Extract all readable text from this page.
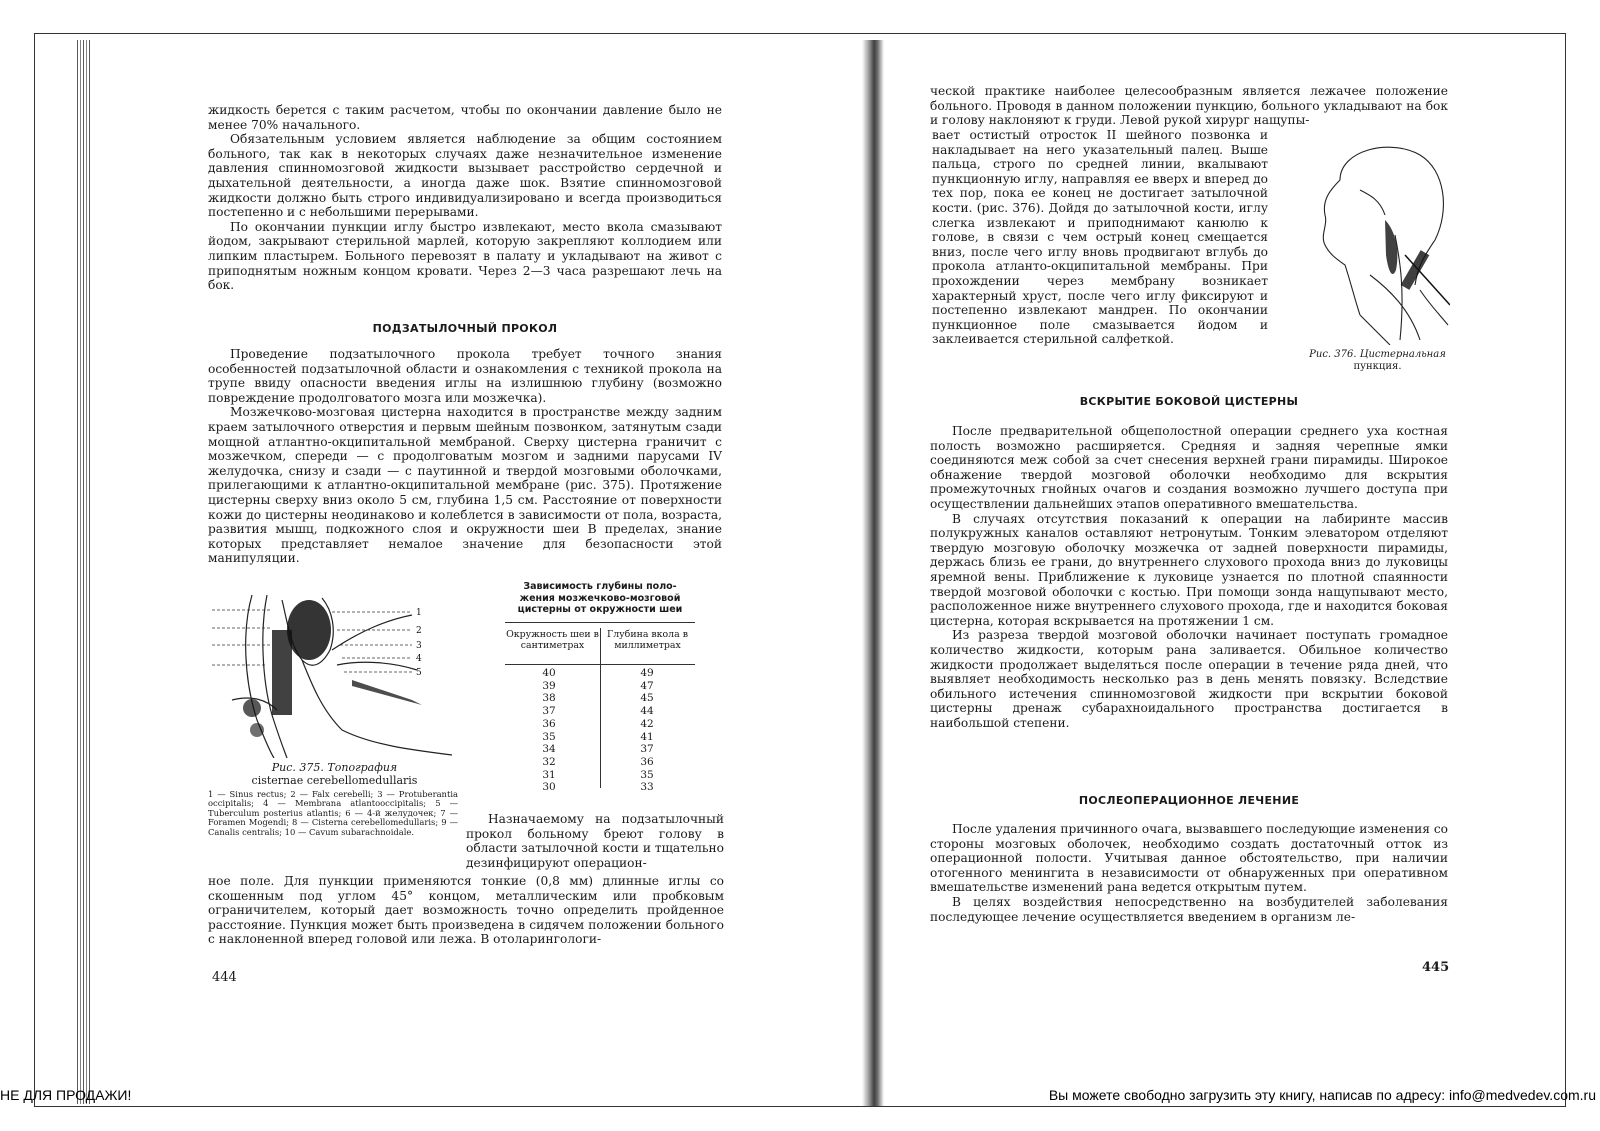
жидкость берется с таким расчетом, чтобы по окончании давление было не менее 70% начального.

Обязательным условием является наблюдение за общим состоянием больного, так как в некоторых случаях даже незначительное изменение давления спинномозговой жидкости вызывает расстройство сердечной и дыхательной деятельности, а иногда даже шок. Взятие спинномозговой жидкости должно быть строго индивидуализировано и всегда производиться постепенно и с небольшими перерывами.

По окончании пункции иглу быстро извлекают, место вкола смазывают йодом, закрывают стерильной марлей, которую закрепляют коллодием или липким пластырем. Больного перевозят в палату и укладывают на живот с приподнятым ножным концом кровати. Через 2—3 часа разрешают лечь на бок.

ПОДЗАТЫЛОЧНЫЙ ПРОКОЛ

Проведение подзатылочного прокола требует точного знания особенностей подзатылочной области и ознакомления с техникой прокола на трупе ввиду опасности введения иглы на излишнюю глубину (возможно повреждение продолговатого мозга или мозжечка).

Мозжечково-мозговая цистерна находится в пространстве между задним краем затылочного отверстия и первым шейным позвонком, затянутым сзади мощной атлантно-окципитальной мембраной. Сверху цистерна граничит с мозжечком, спереди — с продолговатым мозгом и задними парусами IV желудочка, снизу и сзади — с паутинной и твердой мозговыми оболочками, прилегающими к атлантно-окципитальной мембране (рис. 375). Протяжение цистерны сверху вниз около 5 см, глубина 1,5 см. Расстояние от поверхности кожи до цистерны неодинаково и колеблется в зависимости от пола, возраста, развития мышц, подкожного слоя и окружности шеи В пределах, знание которых представляет немалое значение для безопасности этой манипуляции.

1
2
3
4
5
Рис. 375. Топография
cisternae cerebellomedullaris
1 — Sinus rectus; 2 — Falx cerebelli; 3 — Protuberantia occipitalis; 4 — Membrana atlantooccipitalis; 5 — Tuberculum posterius atlantis; 6 — 4-й желудочек; 7 — Foramen Mogendi; 8 — Cisterna cerebellomedullaris; 9 — Canalis centralis; 10 — Cavum subarachnoidale.
Зависимость глубины поло-
жения мозжечково-мозговой
цистерны от окружности шеи
Окружность шеи в сантиметрах
Глубина вкола в миллиметрах
40
39
38
37
36
35
34
32
31
30
49
47
45
44
42
41
37
36
35
33

Назначаемому на подзатылочный прокол больному бреют голову в области затылочной кости и тщательно дезинфицируют операцион-

ное поле. Для пункции применяются тонкие (0,8 мм) длинные иглы со скошенным под углом 45° концом, металлическим или пробковым ограничителем, который дает возможность точно определить пройденное расстояние. Пункция может быть произведена в сидячем положении больного с наклоненной вперед головой или лежа. В отоларингологи-

444

ческой практике наиболее целесообразным является лежачее положение больного. Проводя в данном положении пункцию, больного укладывают на бок и голову наклоняют к груди. Левой рукой хирург нащупы-

вает остистый отросток II шейного позвонка и накладывает на него указательный палец. Выше пальца, строго по средней линии, вкалывают пункционную иглу, направляя ее вверх и вперед до тех пор, пока ее конец не достигает затылочной кости. (рис. 376). Дойдя до затылочной кости, иглу слегка извлекают и приподнимают канюлю к голове, в связи с чем острый конец смещается вниз, после чего иглу вновь продвигают вглубь до прокола атланто-окципитальной мембраны. При прохождении через мембрану возникает характерный хруст, после чего иглу фиксируют и постепенно извлекают мандрен. По окончании пункционное поле смазывается йодом и заклеивается стерильной салфеткой.

Рис. 376. Цистернальная
пункция.

ВСКРЫТИЕ БОКОВОЙ ЦИСТЕРНЫ

После предварительной общеполостной операции среднего уха костная полость возможно расширяется. Средняя и задняя черепные ямки соединяются меж собой за счет снесения верхней грани пирамиды. Широкое обнажение твердой мозговой оболочки необходимо для вскрытия промежуточных гнойных очагов и создания возможно лучшего доступа при осуществлении дальнейших этапов оперативного вмешательства.

В случаях отсутствия показаний к операции на лабиринте массив полукружных каналов оставляют нетронутым. Тонким элеватором отделяют твердую мозговую оболочку мозжечка от задней поверхности пирамиды, держась близь ее грани, до внутреннего слухового прохода вниз до луковицы яремной вены. Приближение к луковице узнается по плотной спаянности твердой мозговой оболочки с костью. При помощи зонда нащупывают место, расположенное ниже внутреннего слухового прохода, где и находится боковая цистерна, которая вскрывается на протяжении 1 см.

Из разреза твердой мозговой оболочки начинает поступать громадное количество жидкости, которым рана заливается. Обильное количество жидкости продолжает выделяться после операции в течение ряда дней, что выявляет необходимость несколько раз в день менять повязку. Вследствие обильного истечения спинномозговой жидкости при вскрытии боковой цистерны дренаж субарахноидального пространства достигается в наибольшой степени.

ПОСЛЕОПЕРАЦИОННОЕ ЛЕЧЕНИЕ

После удаления причинного очага, вызвавшего последующие изменения со стороны мозговых оболочек, необходимо создать достаточный отток из операционной полости. Учитывая данное обстоятельство, при наличии отогенного менингита в независимости от обнаруженных при оперативном вмешательстве изменений рана ведется открытым путем.

В целях воздействия непосредственно на возбудителей заболевания последующее лечение осуществляется введением в организм ле-

445
НЕ ДЛЯ ПРОДАЖИ!	Вы можете свободно загрузить эту книгу, написав по адресу: info@medvedev.com.ru
